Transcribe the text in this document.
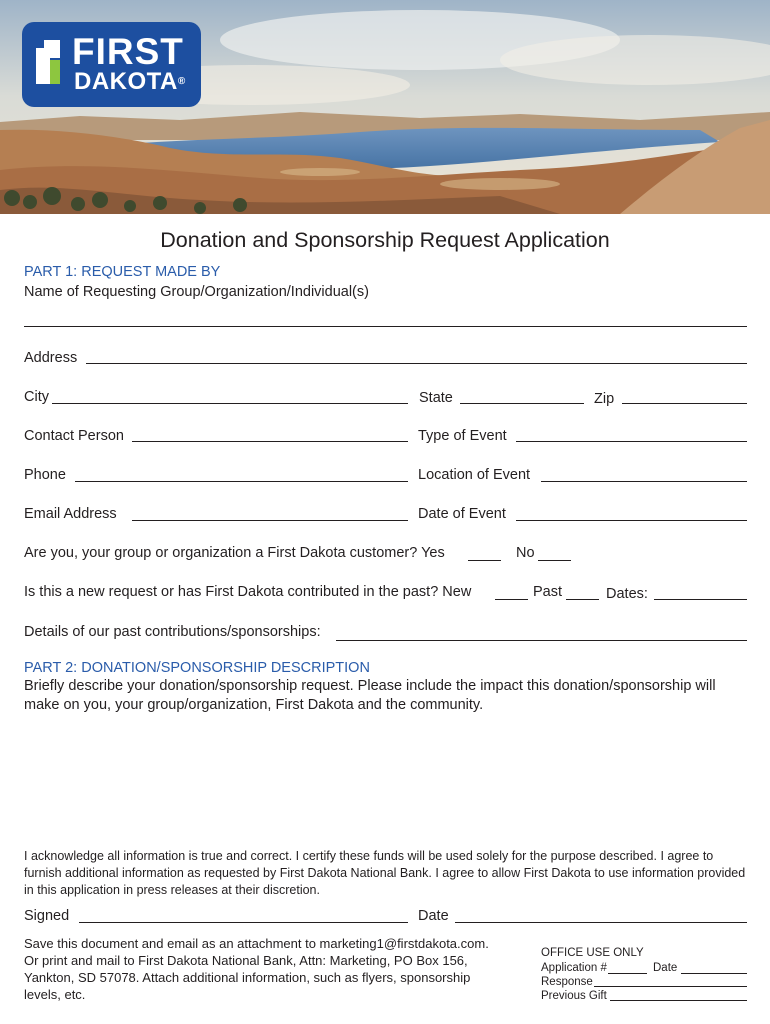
FIRST
DAKOTA®
Donation and Sponsorship Request Application
PART 1: REQUEST MADE BY
Name of Requesting Group/Organization/Individual(s)
Address
City	State	Zip
Contact Person	Type of Event
Phone	Location of Event
Email Address	Date of Event
Are you, your group or organization a First Dakota customer? Yes	No
Is this a new request or has First Dakota contributed in the past? New	Past	Dates:
Details of our past contributions/sponsorships:
PART 2: DONATION/SPONSORSHIP DESCRIPTION
Briefly describe your donation/sponsorship request. Please include the impact this donation/sponsorship will make on you, your group/organization, First Dakota and the community.
I acknowledge all information is true and correct. I certify these funds will be used solely for the purpose described. I agree to furnish additional information as requested by First Dakota National Bank. I agree to allow First Dakota to use information provided in this application in press releases at their discretion.
Signed	Date
Save this document and email as an attachment to marketing1@firstdakota.com.
Or print and mail to First Dakota National Bank, Attn: Marketing, PO Box 156,
Yankton, SD 57078. Attach additional information, such as flyers, sponsorship
levels, etc.
OFFICE USE ONLY
Application #	Date
Response
Previous Gift
